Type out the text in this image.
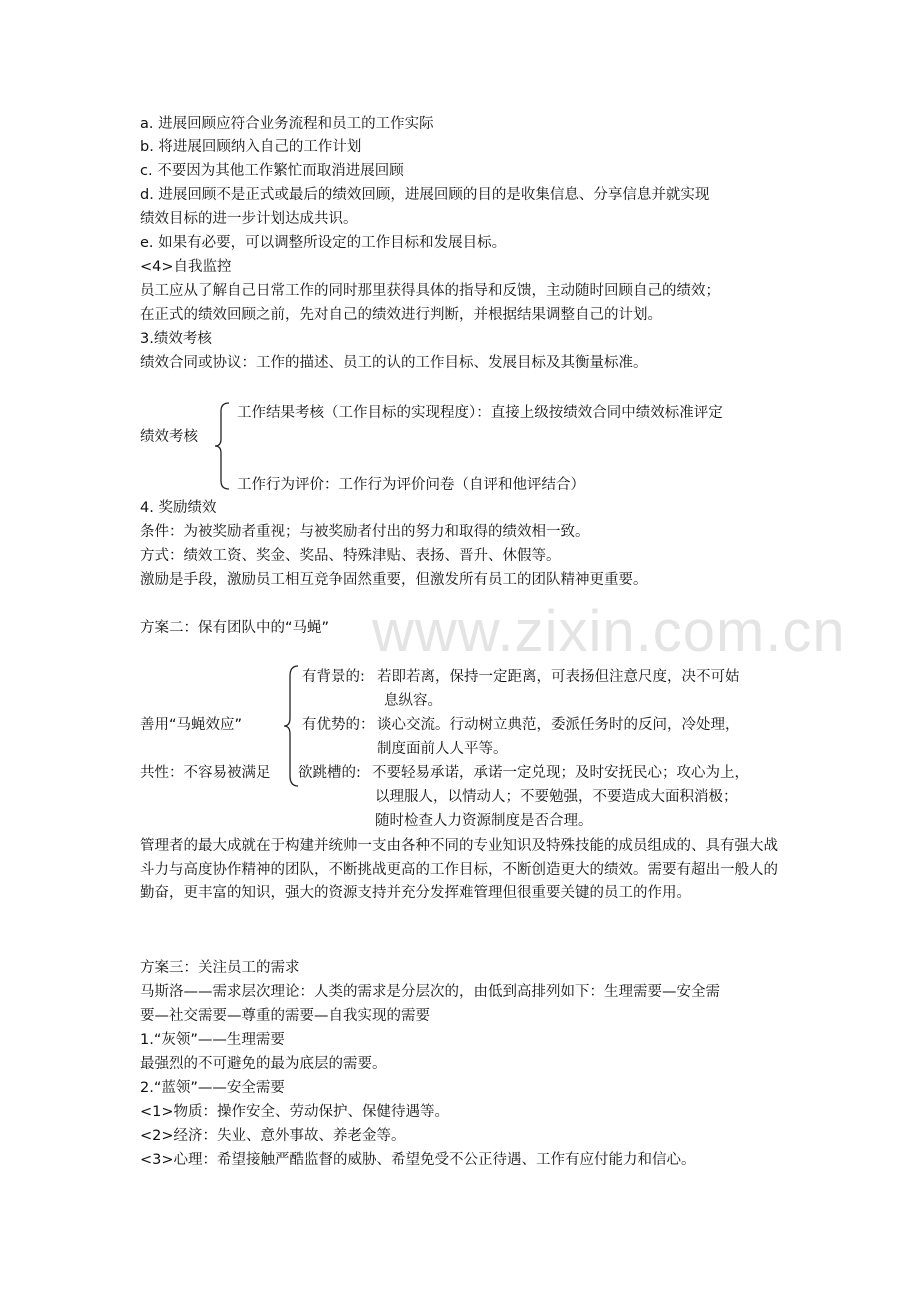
a. 进展回顾应符合业务流程和员工的工作实际
b. 将进展回顾纳入自己的工作计划
c. 不要因为其他工作繁忙而取消进展回顾
d. 进展回顾不是正式或最后的绩效回顾，进展回顾的目的是收集信息、分享信息并就实现
绩效目标的进一步计划达成共识。
e. 如果有必要，可以调整所设定的工作目标和发展目标。
<4>自我监控
员工应从了解自己日常工作的同时那里获得具体的指导和反馈，主动随时回顾自己的绩效；
在正式的绩效回顾之前，先对自己的绩效进行判断，并根据结果调整自己的计划。
3.绩效考核
绩效合同或协议：工作的描述、员工的认的工作目标、发展目标及其衡量标准。
绩效考核
工作结果考核（工作目标的实现程度）：直接上级按绩效合同中绩效标准评定
工作行为评价：工作行为评价问卷（自评和他评结合）
4. 奖励绩效
条件：为被奖励者重视；与被奖励者付出的努力和取得的绩效相一致。
方式：绩效工资、奖金、奖品、特殊津贴、表扬、晋升、休假等。
激励是手段，激励员工相互竞争固然重要，但激发所有员工的团队精神更重要。
www.zixin.com.cn
方案二：保有团队中的“马蝇”
善用“马蝇效应”
共性：不容易被满足
有背景的: 若即若离，保持一定距离，可表扬但注意尺度，决不可姑
息纵容。
有优势的： 谈心交流。行动树立典范，委派任务时的反问，冷处理，
制度面前人人平等。
欲跳槽的: 不要轻易承诺，承诺一定兑现；及时安抚民心；攻心为上，
以理服人，以情动人；不要勉强，不要造成大面积消极；
随时检查人力资源制度是否合理。
管理者的最大成就在于构建并统帅一支由各种不同的专业知识及特殊技能的成员组成的、具有强大战斗力与高度协作精神的团队，不断挑战更高的工作目标，不断创造更大的绩效。需要有超出一般人的勤奋，更丰富的知识，强大的资源支持并充分发挥难管理但很重要关键的员工的作用。
方案三：关注员工的需求
马斯洛——需求层次理论：人类的需求是分层次的，由低到高排列如下：生理需要—安全需
要—社交需要—尊重的需要—自我实现的需要
1.“灰领”——生理需要
最强烈的不可避免的最为底层的需要。
2.“蓝领”——安全需要
<1>物质：操作安全、劳动保护、保健待遇等。
<2>经济：失业、意外事故、养老金等。
<3>心理：希望接触严酷监督的威胁、希望免受不公正待遇、工作有应付能力和信心。
